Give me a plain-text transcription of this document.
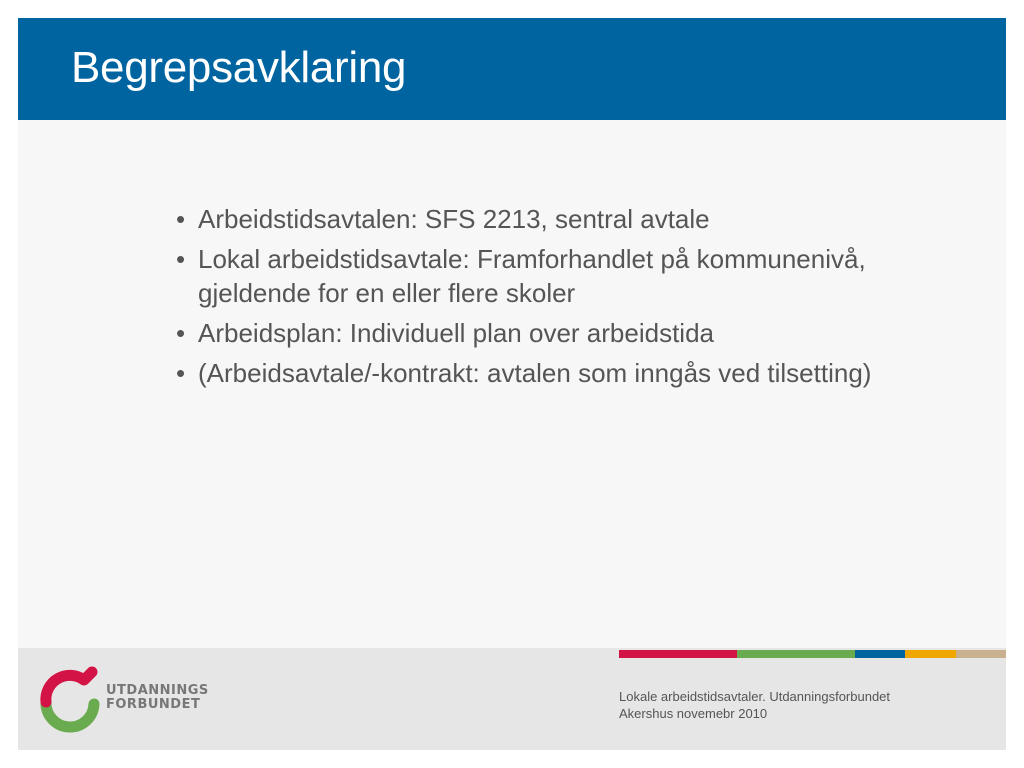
Begrepsavklaring
• Arbeidstidsavtalen: SFS 2213, sentral avtale
• Lokal arbeidstidsavtale: Framforhandlet på kommunenivå, gjeldende for en eller flere skoler
• Arbeidsplan: Individuell plan over arbeidstida
• (Arbeidsavtale/-kontrakt: avtalen som inngås ved tilsetting)
UTDANNINGS
FORBUNDET
Lokale arbeidstidsavtaler. Utdanningsforbundet
Akershus novemebr 2010
